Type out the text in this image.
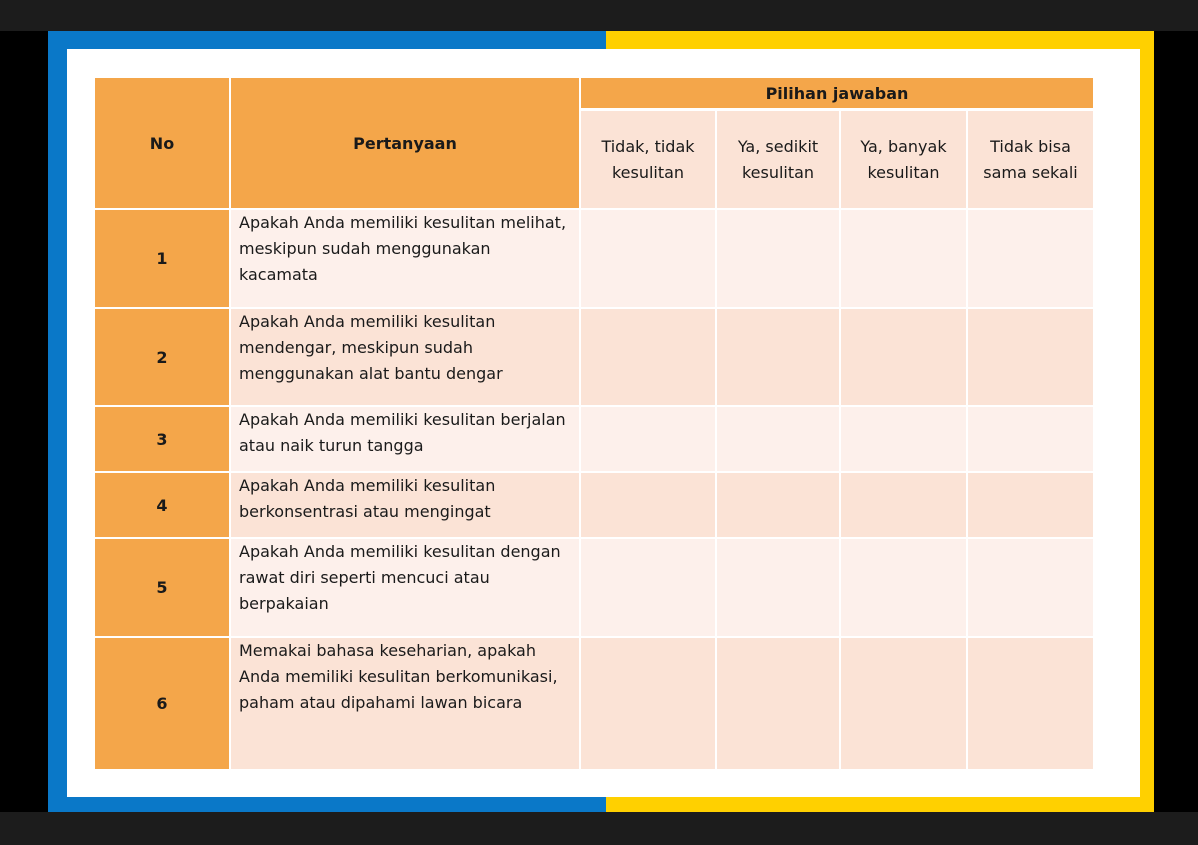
No	Pertanyaan
Pilihan jawaban
Tidak, tidak kesulitan
Ya, sedikit kesulitan
Ya, banyak kesulitan
Tidak bisa sama sekali
1
Apakah Anda memiliki kesulitan melihat, meskipun sudah menggunakan kacamata
2
Apakah Anda memiliki kesulitan mendengar, meskipun sudah menggunakan alat bantu dengar
3
Apakah Anda memiliki kesulitan berjalan atau naik turun tangga
4
Apakah Anda memiliki kesulitan berkonsentrasi atau mengingat
5
Apakah Anda memiliki kesulitan dengan rawat diri seperti mencuci atau berpakaian
6
Memakai bahasa keseharian, apakah Anda memiliki kesulitan berkomunikasi, paham atau dipahami lawan bicara
